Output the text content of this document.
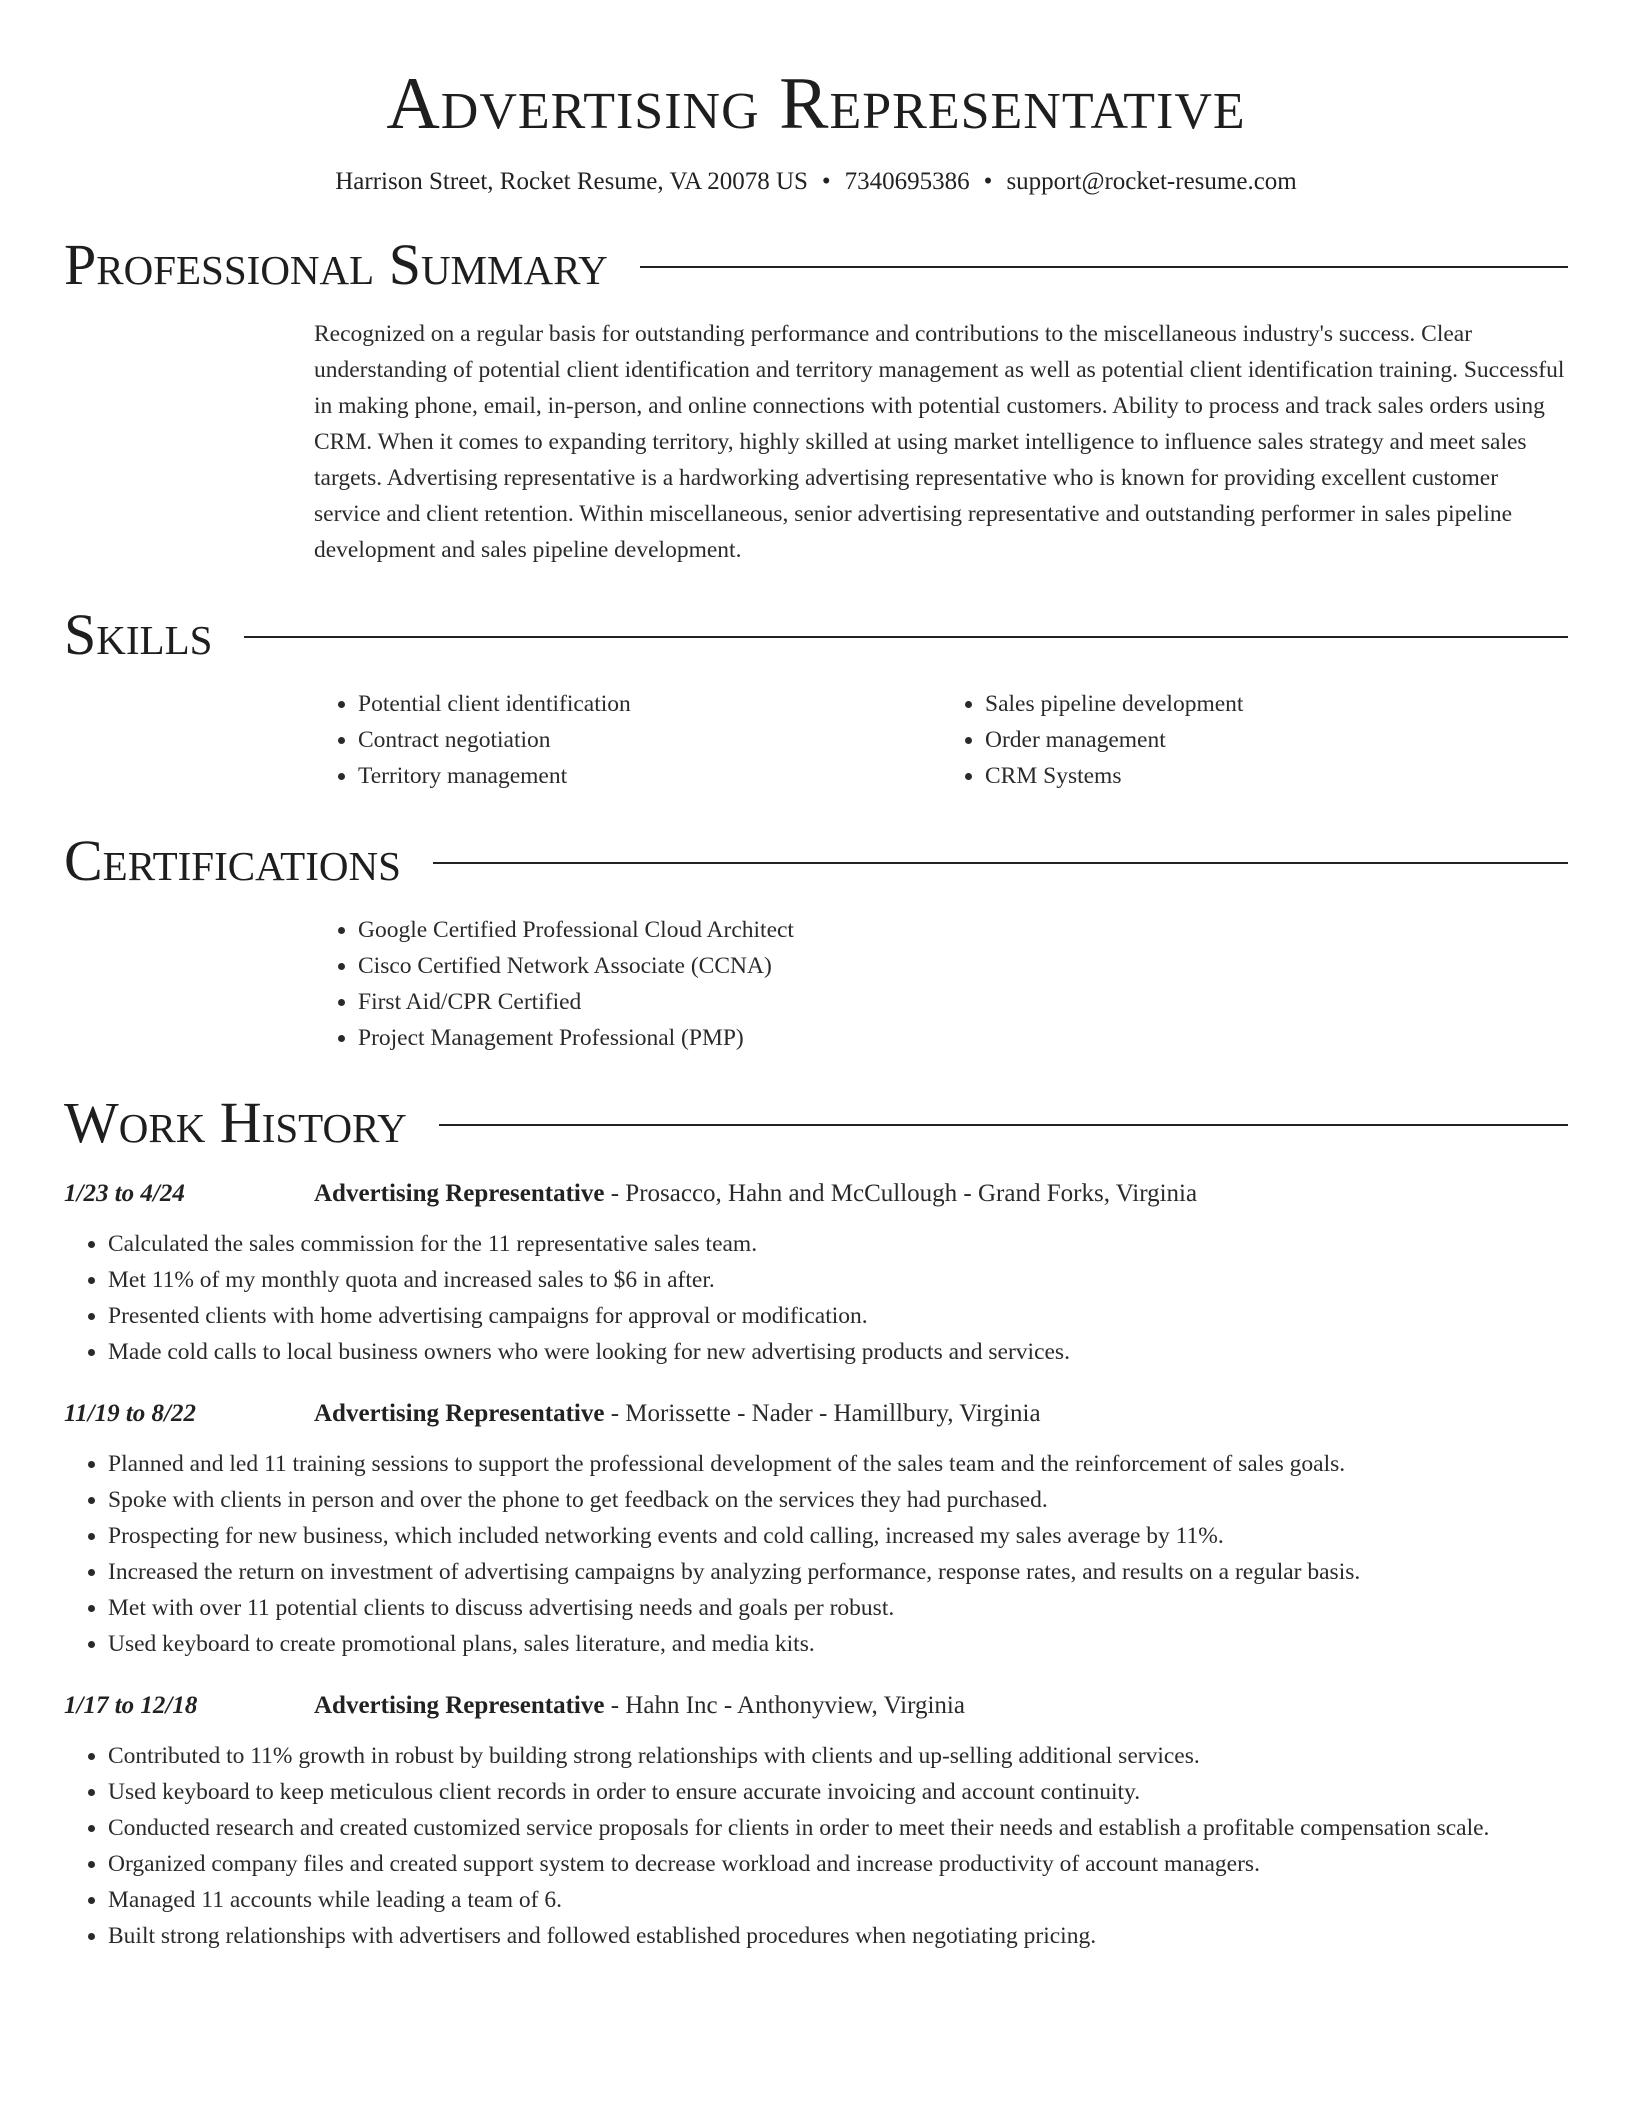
Advertising Representative
Harrison Street, Rocket Resume, VA 20078 US • 7340695386 • support@rocket-resume.com
Professional Summary

Recognized on a regular basis for outstanding performance and contributions to the miscellaneous industry's success. Clear understanding of potential client identification and territory management as well as potential client identification training. Successful in making phone, email, in-person, and online connections with potential customers. Ability to process and track sales orders using CRM. When it comes to expanding territory, highly skilled at using market intelligence to influence sales strategy and meet sales targets. Advertising representative is a hardworking advertising representative who is known for providing excellent customer service and client retention. Within miscellaneous, senior advertising representative and outstanding performer in sales pipeline development and sales pipeline development.

Skills
• Potential client identification
• Contract negotiation
• Territory management
• Sales pipeline development
• Order management
• CRM Systems
Certifications
• Google Certified Professional Cloud Architect
• Cisco Certified Network Associate (CCNA)
• First Aid/CPR Certified
• Project Management Professional (PMP)
Work History
1/23 to 4/24	Advertising Representative - Prosacco, Hahn and McCullough - Grand Forks, Virginia
• Calculated the sales commission for the 11 representative sales team.
• Met 11% of my monthly quota and increased sales to $6 in after.
• Presented clients with home advertising campaigns for approval or modification.
• Made cold calls to local business owners who were looking for new advertising products and services.
11/19 to 8/22	Advertising Representative - Morissette - Nader - Hamillbury, Virginia
• Planned and led 11 training sessions to support the professional development of the sales team and the reinforcement of sales goals.
• Spoke with clients in person and over the phone to get feedback on the services they had purchased.
• Prospecting for new business, which included networking events and cold calling, increased my sales average by 11%.
• Increased the return on investment of advertising campaigns by analyzing performance, response rates, and results on a regular basis.
• Met with over 11 potential clients to discuss advertising needs and goals per robust.
• Used keyboard to create promotional plans, sales literature, and media kits.
1/17 to 12/18	Advertising Representative - Hahn Inc - Anthonyview, Virginia
• Contributed to 11% growth in robust by building strong relationships with clients and up-selling additional services.
• Used keyboard to keep meticulous client records in order to ensure accurate invoicing and account continuity.
• Conducted research and created customized service proposals for clients in order to meet their needs and establish a profitable compensation scale.
• Organized company files and created support system to decrease workload and increase productivity of account managers.
• Managed 11 accounts while leading a team of 6.
• Built strong relationships with advertisers and followed established procedures when negotiating pricing.
